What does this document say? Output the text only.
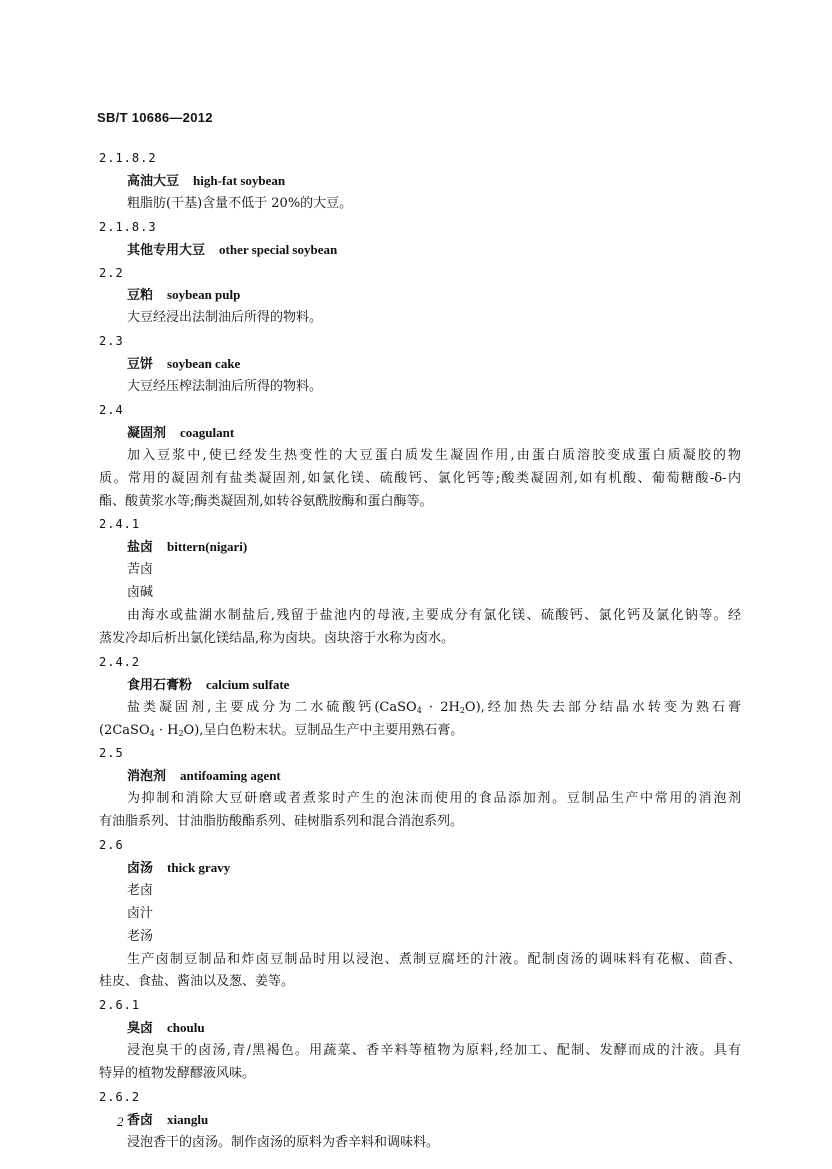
SB/T 10686—2012
2.1.8.2
高油大豆 high-fat soybean
粗脂肪(干基)含量不低于 20%的大豆。
2.1.8.3
其他专用大豆 other special soybean
2.2
豆粕 soybean pulp
大豆经浸出法制油后所得的物料。
2.3
豆饼 soybean cake
大豆经压榨法制油后所得的物料。
2.4
凝固剂 coagulant
加入豆浆中,使已经发生热变性的大豆蛋白质发生凝固作用,由蛋白质溶胶变成蛋白质凝胶的物
质。常用的凝固剂有盐类凝固剂,如氯化镁、硫酸钙、氯化钙等;酸类凝固剂,如有机酸、葡萄糖酸-δ-内
酯、酸黄浆水等;酶类凝固剂,如转谷氨酰胺酶和蛋白酶等。
2.4.1
盐卤 bittern(nigari)
苦卤
卤碱
由海水或盐湖水制盐后,残留于盐池内的母液,主要成分有氯化镁、硫酸钙、氯化钙及氯化钠等。经
蒸发冷却后析出氯化镁结晶,称为卤块。卤块溶于水称为卤水。
2.4.2
食用石膏粉 calcium sulfate
盐类凝固剂,主要成分为二水硫酸钙(CaSO$_4$ · $2H_2O$),经加热失去部分结晶水转变为熟石膏
(2CaSO$_4$ · $H_2O$),呈白色粉末状。豆制品生产中主要用熟石膏。
2.5
消泡剂 antifoaming agent
为抑制和消除大豆研磨或者煮浆时产生的泡沫而使用的食品添加剂。豆制品生产中常用的消泡剂
有油脂系列、甘油脂肪酸酯系列、硅树脂系列和混合消泡系列。
2.6
卤汤 thick gravy
老卤
卤汁
老汤
生产卤制豆制品和炸卤豆制品时用以浸泡、煮制豆腐坯的汁液。配制卤汤的调味料有花椒、茴香、
桂皮、食盐、酱油以及葱、姜等。
2.6.1
臭卤 choulu
浸泡臭干的卤汤,青/黑褐色。用蔬菜、香辛料等植物为原料,经加工、配制、发酵而成的汁液。具有
特异的植物发酵醪液风味。
2.6.2
香卤 xianglu
浸泡香干的卤汤。制作卤汤的原料为香辛料和调味料。
2
